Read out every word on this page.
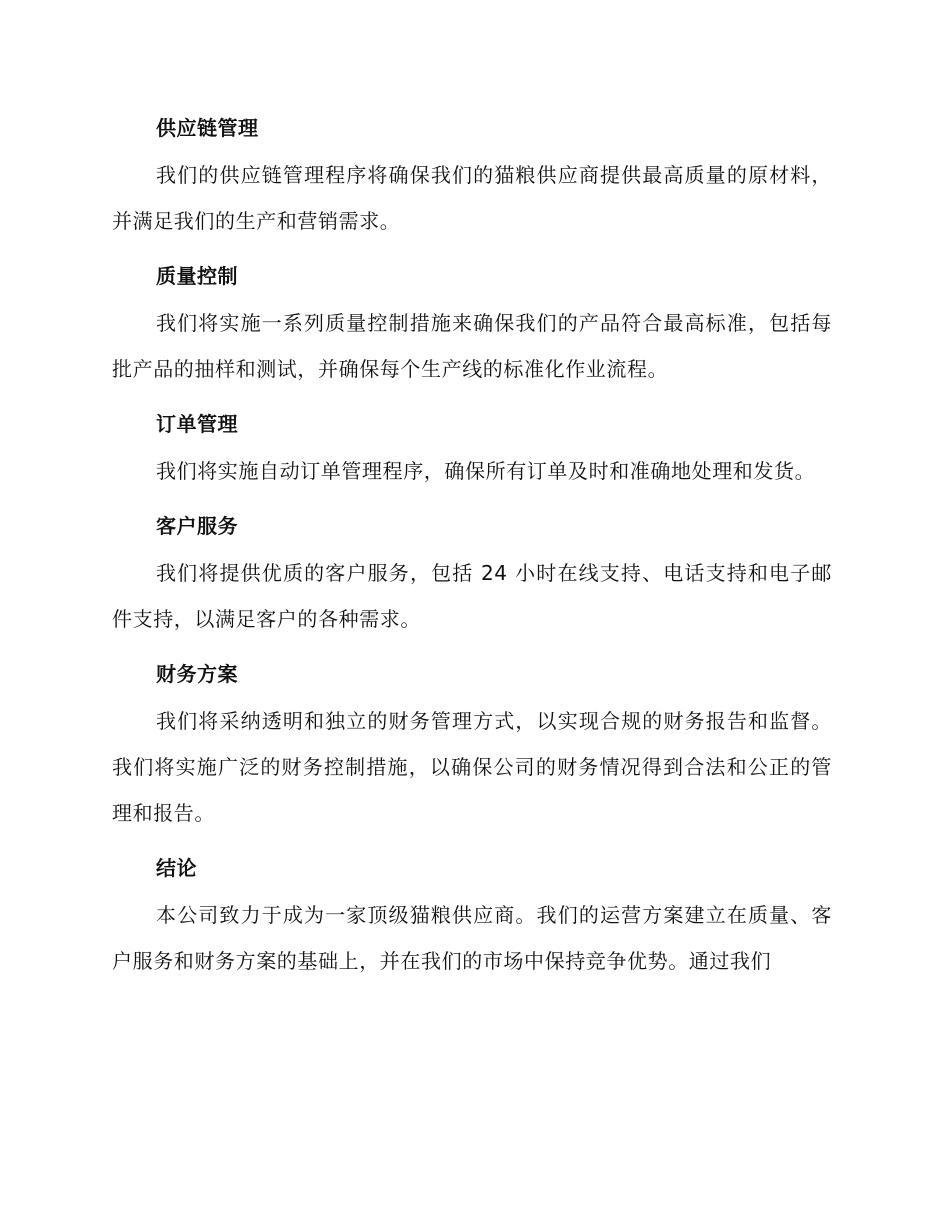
供应链管理

我们的供应链管理程序将确保我们的猫粮供应商提供最高质量的原材料，并满足我们的生产和营销需求。

质量控制

我们将实施一系列质量控制措施来确保我们的产品符合最高标准，包括每批产品的抽样和测试，并确保每个生产线的标准化作业流程。

订单管理

我们将实施自动订单管理程序，确保所有订单及时和准确地处理和发货。

客户服务

我们将提供优质的客户服务，包括 24 小时在线支持、电话支持和电子邮件支持，以满足客户的各种需求。

财务方案

我们将采纳透明和独立的财务管理方式，以实现合规的财务报告和监督。我们将实施广泛的财务控制措施，以确保公司的财务情况得到合法和公正的管理和报告。

结论

本公司致力于成为一家顶级猫粮供应商。我们的运营方案建立在质量、客户服务和财务方案的基础上，并在我们的市场中保持竞争优势。通过我们
